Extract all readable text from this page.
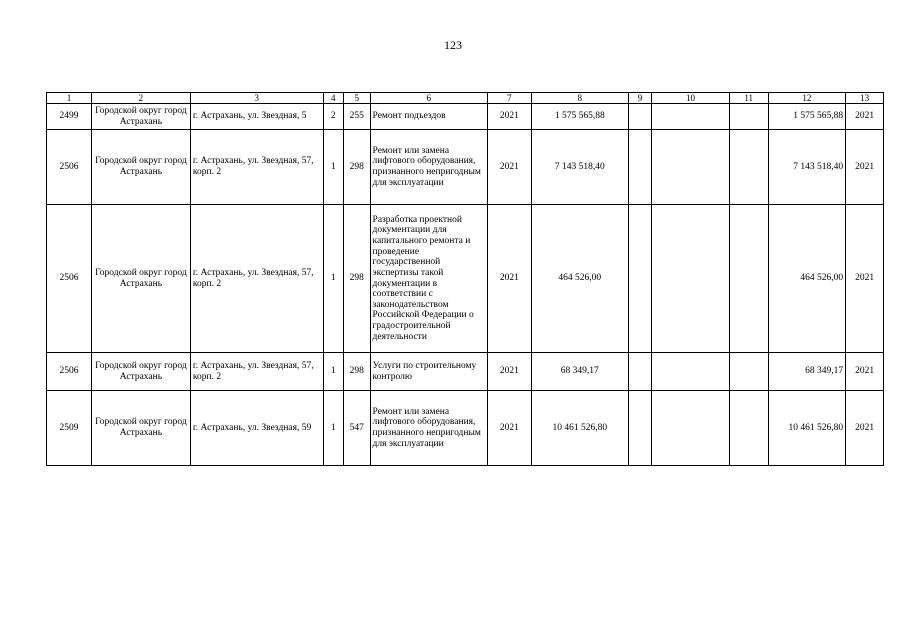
123
1	2	3	4	5	6	7	8	9	10	11	12	13
2499	Городской округ город Астрахань	г. Астрахань, ул. Звездная, 5	2	255	Ремонт подъездов	2021	1 575 565,88				1 575 565,88	2021
2506	Городской округ город Астрахань	г. Астрахань, ул. Звездная, 57, корп. 2	1	298	Ремонт или замена лифтового оборудования, признанного непригодным для эксплуатации	2021	7 143 518,40				7 143 518,40	2021
2506	Городской округ город Астрахань	г. Астрахань, ул. Звездная, 57, корп. 2	1	298	Разработка проектной документации для капитального ремонта и проведение государственной экспертизы такой документации в соответствии с законодательством Российской Федерации о градостроительной деятельности	2021	464 526,00				464 526,00	2021
2506	Городской округ город Астрахань	г. Астрахань, ул. Звездная, 57, корп. 2	1	298	Услуги по строительному контролю	2021	68 349,17				68 349,17	2021
2509	Городской округ город Астрахань	г. Астрахань, ул. Звездная, 59	1	547	Ремонт или замена лифтового оборудования, признанного непригодным для эксплуатации	2021	10 461 526,80				10 461 526,80	2021
